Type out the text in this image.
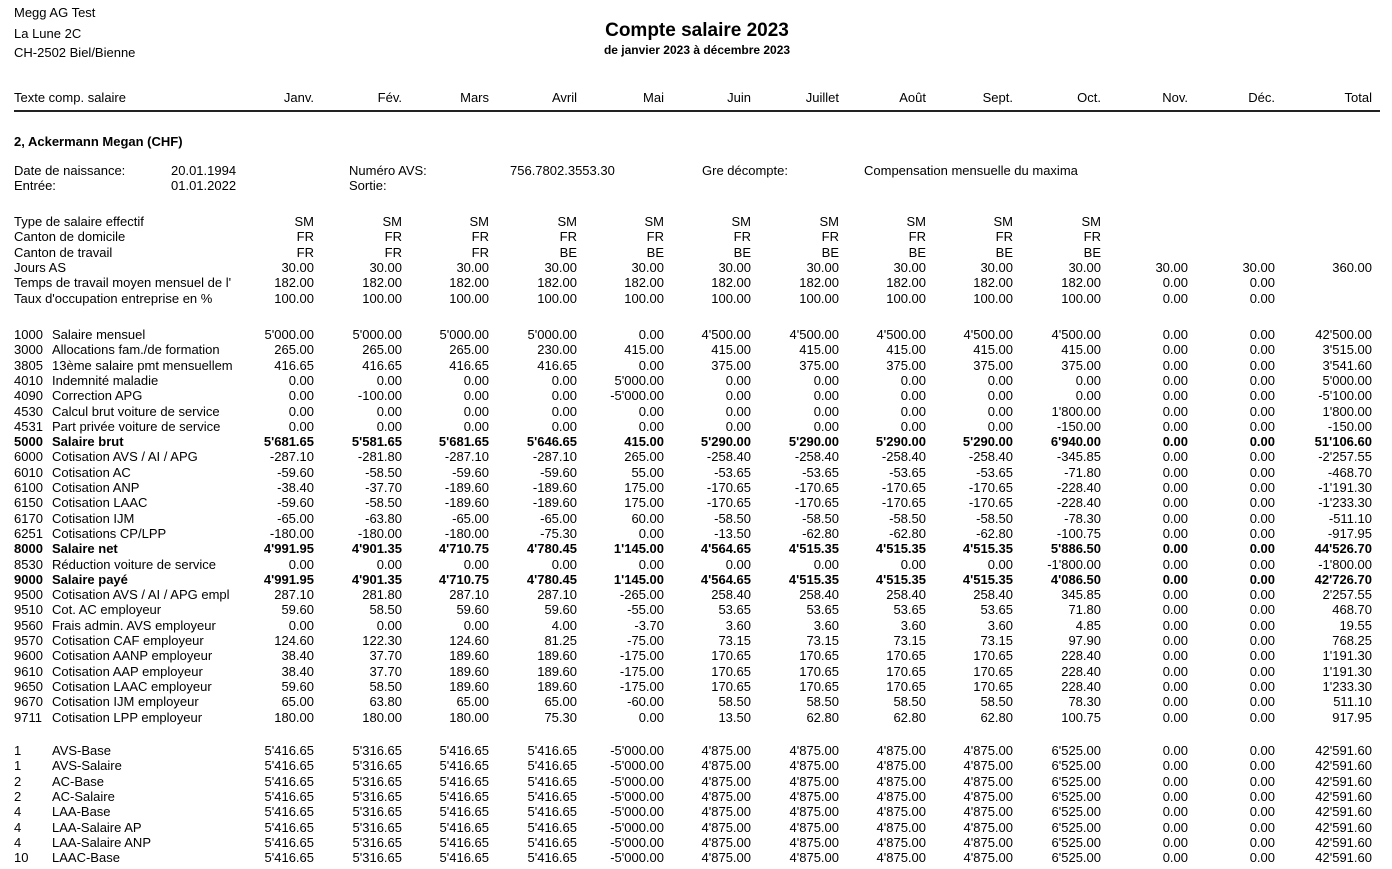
Megg AG Test
La Lune 2C
CH-2502 Biel/Bienne
Compte salaire 2023
de janvier 2023 à décembre 2023
Texte comp. salaire	Janv.	Fév.	Mars	Avril	Mai	Juin	Juillet	Août	Sept.	Oct.	Nov.	Déc.	Total
2, Ackermann Megan (CHF)
Date de naissance:	20.01.1994
Entrée:	01.01.2022
Numéro AVS:	756.7802.3553.30
Sortie:
Gre décompte:	Compensation mensuelle du maxima
Type de salaire effectif	SM	SM	SM	SM	SM	SM	SM	SM	SM	SM
Canton de domicile	FR	FR	FR	FR	FR	FR	FR	FR	FR	FR
Canton de travail	FR	FR	FR	BE	BE	BE	BE	BE	BE	BE
Jours AS	30.00	30.00	30.00	30.00	30.00	30.00	30.00	30.00	30.00	30.00	30.00	30.00	360.00
Temps de travail moyen mensuel de l'	182.00	182.00	182.00	182.00	182.00	182.00	182.00	182.00	182.00	182.00	0.00	0.00
Taux d'occupation entreprise en %	100.00	100.00	100.00	100.00	100.00	100.00	100.00	100.00	100.00	100.00	0.00	0.00
1000 Salaire mensuel	5'000.00	5'000.00	5'000.00	5'000.00	0.00	4'500.00	4'500.00	4'500.00	4'500.00	4'500.00	0.00	0.00	42'500.00
3000 Allocations fam./de formation	265.00	265.00	265.00	230.00	415.00	415.00	415.00	415.00	415.00	415.00	0.00	0.00	3'515.00
3805 13ème salaire pmt mensuellem	416.65	416.65	416.65	416.65	0.00	375.00	375.00	375.00	375.00	375.00	0.00	0.00	3'541.60
4010 Indemnité maladie	0.00	0.00	0.00	0.00	5'000.00	0.00	0.00	0.00	0.00	0.00	0.00	0.00	5'000.00
4090 Correction APG	0.00	-100.00	0.00	0.00	-5'000.00	0.00	0.00	0.00	0.00	0.00	0.00	0.00	-5'100.00
4530 Calcul brut voiture de service	0.00	0.00	0.00	0.00	0.00	0.00	0.00	0.00	0.00	1'800.00	0.00	0.00	1'800.00
4531 Part privée voiture de service	0.00	0.00	0.00	0.00	0.00	0.00	0.00	0.00	0.00	-150.00	0.00	0.00	-150.00
5000 Salaire brut	5'681.65	5'581.65	5'681.65	5'646.65	415.00	5'290.00	5'290.00	5'290.00	5'290.00	6'940.00	0.00	0.00	51'106.60
6000 Cotisation AVS / AI / APG	-287.10	-281.80	-287.10	-287.10	265.00	-258.40	-258.40	-258.40	-258.40	-345.85	0.00	0.00	-2'257.55
6010 Cotisation AC	-59.60	-58.50	-59.60	-59.60	55.00	-53.65	-53.65	-53.65	-53.65	-71.80	0.00	0.00	-468.70
6100 Cotisation ANP	-38.40	-37.70	-189.60	-189.60	175.00	-170.65	-170.65	-170.65	-170.65	-228.40	0.00	0.00	-1'191.30
6150 Cotisation LAAC	-59.60	-58.50	-189.60	-189.60	175.00	-170.65	-170.65	-170.65	-170.65	-228.40	0.00	0.00	-1'233.30
6170 Cotisation IJM	-65.00	-63.80	-65.00	-65.00	60.00	-58.50	-58.50	-58.50	-58.50	-78.30	0.00	0.00	-511.10
6251 Cotisations CP/LPP	-180.00	-180.00	-180.00	-75.30	0.00	-13.50	-62.80	-62.80	-62.80	-100.75	0.00	0.00	-917.95
8000 Salaire net	4'991.95	4'901.35	4'710.75	4'780.45	1'145.00	4'564.65	4'515.35	4'515.35	4'515.35	5'886.50	0.00	0.00	44'526.70
8530 Réduction voiture de service	0.00	0.00	0.00	0.00	0.00	0.00	0.00	0.00	0.00	-1'800.00	0.00	0.00	-1'800.00
9000 Salaire payé	4'991.95	4'901.35	4'710.75	4'780.45	1'145.00	4'564.65	4'515.35	4'515.35	4'515.35	4'086.50	0.00	0.00	42'726.70
9500 Cotisation AVS / AI / APG empl	287.10	281.80	287.10	287.10	-265.00	258.40	258.40	258.40	258.40	345.85	0.00	0.00	2'257.55
9510 Cot. AC employeur	59.60	58.50	59.60	59.60	-55.00	53.65	53.65	53.65	53.65	71.80	0.00	0.00	468.70
9560 Frais admin. AVS employeur	0.00	0.00	0.00	4.00	-3.70	3.60	3.60	3.60	3.60	4.85	0.00	0.00	19.55
9570 Cotisation CAF employeur	124.60	122.30	124.60	81.25	-75.00	73.15	73.15	73.15	73.15	97.90	0.00	0.00	768.25
9600 Cotisation AANP employeur	38.40	37.70	189.60	189.60	-175.00	170.65	170.65	170.65	170.65	228.40	0.00	0.00	1'191.30
9610 Cotisation AAP employeur	38.40	37.70	189.60	189.60	-175.00	170.65	170.65	170.65	170.65	228.40	0.00	0.00	1'191.30
9650 Cotisation LAAC employeur	59.60	58.50	189.60	189.60	-175.00	170.65	170.65	170.65	170.65	228.40	0.00	0.00	1'233.30
9670 Cotisation IJM employeur	65.00	63.80	65.00	65.00	-60.00	58.50	58.50	58.50	58.50	78.30	0.00	0.00	511.10
9711 Cotisation LPP employeur	180.00	180.00	180.00	75.30	0.00	13.50	62.80	62.80	62.80	100.75	0.00	0.00	917.95
1 AVS-Base	5'416.65	5'316.65	5'416.65	5'416.65	-5'000.00	4'875.00	4'875.00	4'875.00	4'875.00	6'525.00	0.00	0.00	42'591.60
1 AVS-Salaire	5'416.65	5'316.65	5'416.65	5'416.65	-5'000.00	4'875.00	4'875.00	4'875.00	4'875.00	6'525.00	0.00	0.00	42'591.60
2 AC-Base	5'416.65	5'316.65	5'416.65	5'416.65	-5'000.00	4'875.00	4'875.00	4'875.00	4'875.00	6'525.00	0.00	0.00	42'591.60
2 AC-Salaire	5'416.65	5'316.65	5'416.65	5'416.65	-5'000.00	4'875.00	4'875.00	4'875.00	4'875.00	6'525.00	0.00	0.00	42'591.60
4 LAA-Base	5'416.65	5'316.65	5'416.65	5'416.65	-5'000.00	4'875.00	4'875.00	4'875.00	4'875.00	6'525.00	0.00	0.00	42'591.60
4 LAA-Salaire AP	5'416.65	5'316.65	5'416.65	5'416.65	-5'000.00	4'875.00	4'875.00	4'875.00	4'875.00	6'525.00	0.00	0.00	42'591.60
4 LAA-Salaire ANP	5'416.65	5'316.65	5'416.65	5'416.65	-5'000.00	4'875.00	4'875.00	4'875.00	4'875.00	6'525.00	0.00	0.00	42'591.60
10 LAAC-Base	5'416.65	5'316.65	5'416.65	5'416.65	-5'000.00	4'875.00	4'875.00	4'875.00	4'875.00	6'525.00	0.00	0.00	42'591.60
